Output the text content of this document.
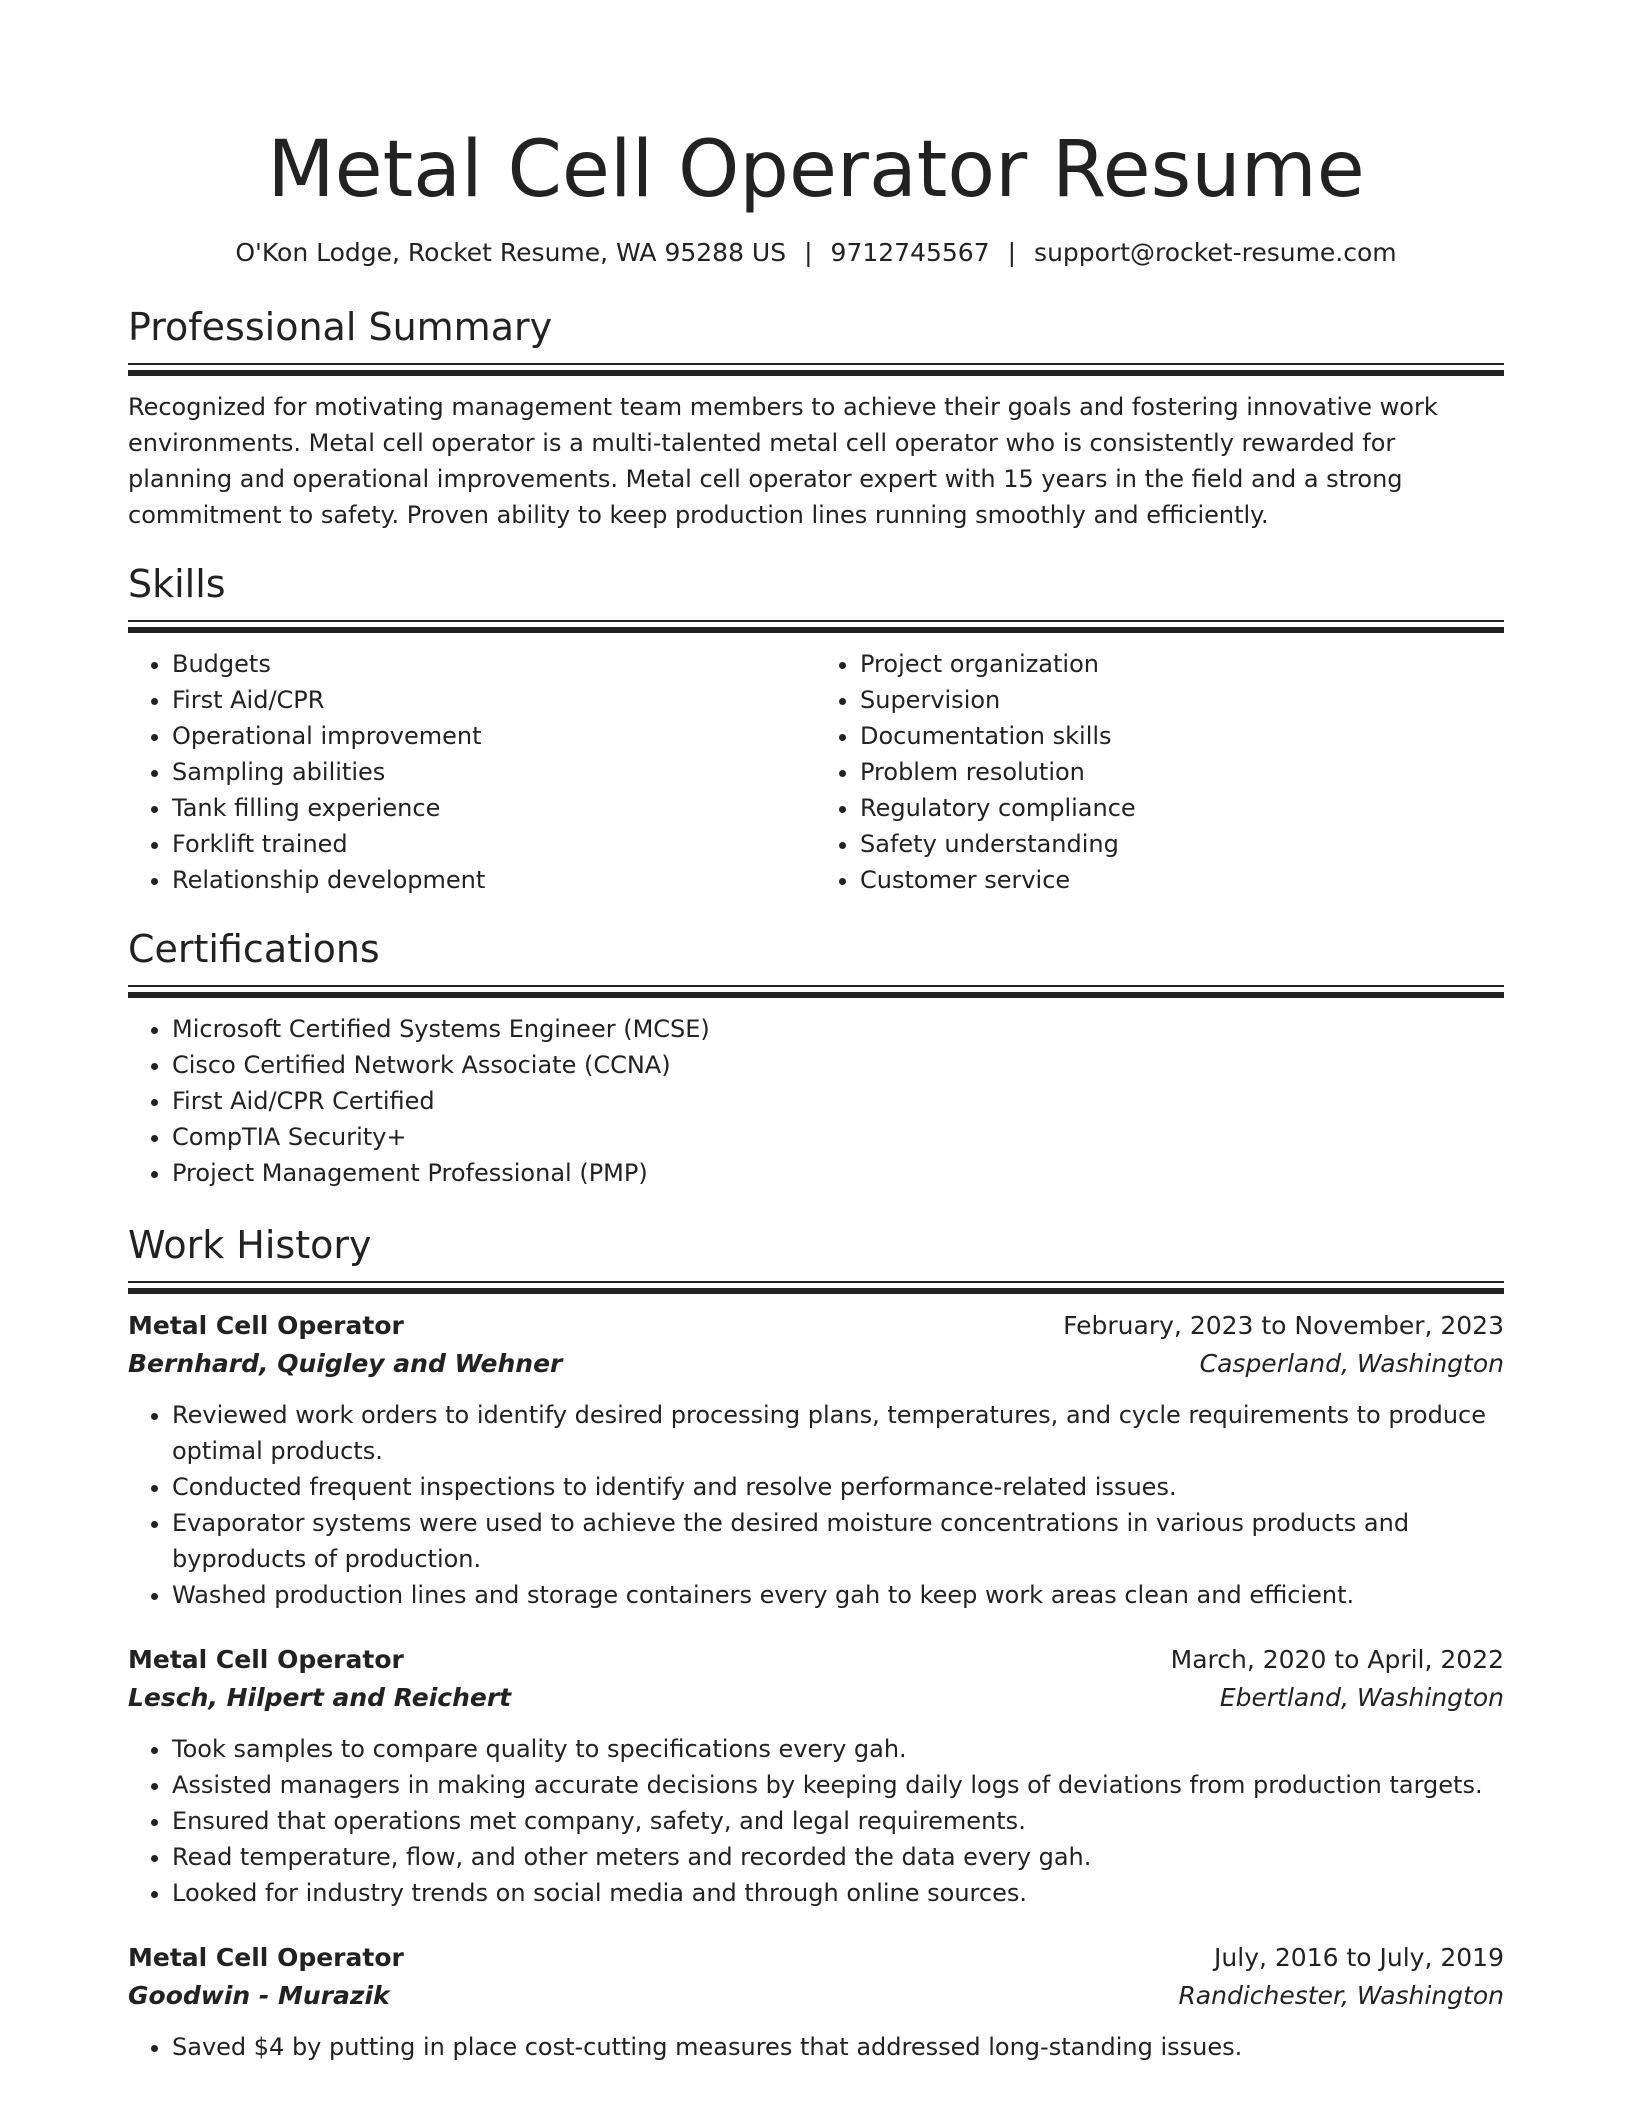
Metal Cell Operator Resume
O'Kon Lodge, Rocket Resume, WA 95288 US | 9712745567 | support@rocket-resume.com
Professional Summary

Recognized for motivating management team members to achieve their goals and fostering innovative work environments. Metal cell operator is a multi-talented metal cell operator who is consistently rewarded for planning and operational improvements. Metal cell operator expert with 15 years in the field and a strong commitment to safety. Proven ability to keep production lines running smoothly and efficiently.

Skills
• Budgets
• First Aid/CPR
• Operational improvement
• Sampling abilities
• Tank filling experience
• Forklift trained
• Relationship development
• Project organization
• Supervision
• Documentation skills
• Problem resolution
• Regulatory compliance
• Safety understanding
• Customer service
Certifications
• Microsoft Certified Systems Engineer (MCSE)
• Cisco Certified Network Associate (CCNA)
• First Aid/CPR Certified
• CompTIA Security+
• Project Management Professional (PMP)
Work History
Metal Cell Operator	February, 2023 to November, 2023
Bernhard, Quigley and Wehner	Casperland, Washington
• Reviewed work orders to identify desired processing plans, temperatures, and cycle requirements to produce optimal products.
• Conducted frequent inspections to identify and resolve performance-related issues.
• Evaporator systems were used to achieve the desired moisture concentrations in various products and byproducts of production.
• Washed production lines and storage containers every gah to keep work areas clean and efficient.
Metal Cell Operator	March, 2020 to April, 2022
Lesch, Hilpert and Reichert	Ebertland, Washington
• Took samples to compare quality to specifications every gah.
• Assisted managers in making accurate decisions by keeping daily logs of deviations from production targets.
• Ensured that operations met company, safety, and legal requirements.
• Read temperature, flow, and other meters and recorded the data every gah.
• Looked for industry trends on social media and through online sources.
Metal Cell Operator	July, 2016 to July, 2019
Goodwin - Murazik	Randichester, Washington
• Saved $4 by putting in place cost-cutting measures that addressed long-standing issues.
